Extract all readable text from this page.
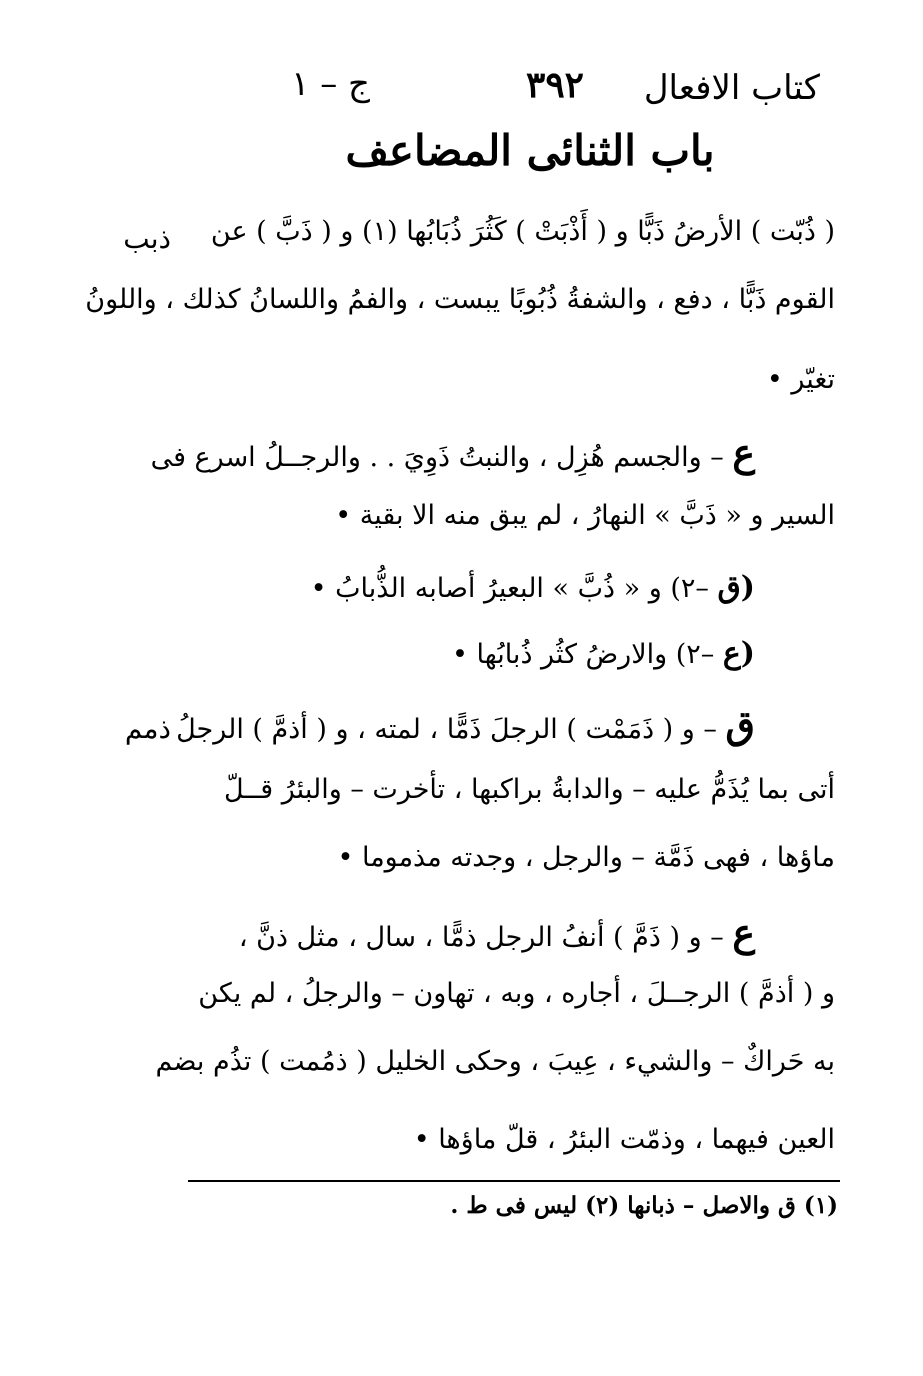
كتاب الافعال
٣٩٢
ج – ١
باب الثنائى المضاعف
ذبب
ذمم
( ذُبّت ) الأرضُ ذَبًّا و ( أَذْبَتْ ) كَثُرَ ذُبَابُها (١) و ( ذَبَّ ) عن
القوم ذَبًّا ، دفع ، والشفةُ ذُبُوبًا يبست ، والفمُ واللسانُ كذلك ، واللونُ
تغيّر •
ع – والجسم هُزِل ، والنبتُ ذَوِيَ . . والرجــلُ اسرع فى
السير و « ذَبَّ » النهارُ ، لم يبق منه الا بقية •
(ق –٢) و « ذُبَّ » البعيرُ أصابه الذُّبابُ •
(ع –٢) والارضُ كثُر ذُبابُها •
ق – و ( ذَمَمْت ) الرجلَ ذَمًّا ، لمته ، و ( أذمَّ ) الرجلُ
أتى بما يُذَمُّ عليه – والدابةُ براكبها ، تأخرت – والبئرُ قــلّ
ماؤها ، فهى ذَمَّة – والرجل ، وجدته مذموما •
ع – و ( ذَمَّ ) أنفُ الرجل ذمًّا ، سال ، مثل ذنَّ ،
و ( أذمَّ ) الرجــلَ ، أجاره ، وبه ، تهاون – والرجلُ ، لم يكن
به حَراكٌ – والشيء ، عِيبَ ، وحكى الخليل ( ذمُمت ) تذُم بضم
العين فيهما ، وذمّت البئرُ ، قلّ ماؤها •
(١) ق والاصل – ذبانها (٢) ليس فى ط .
